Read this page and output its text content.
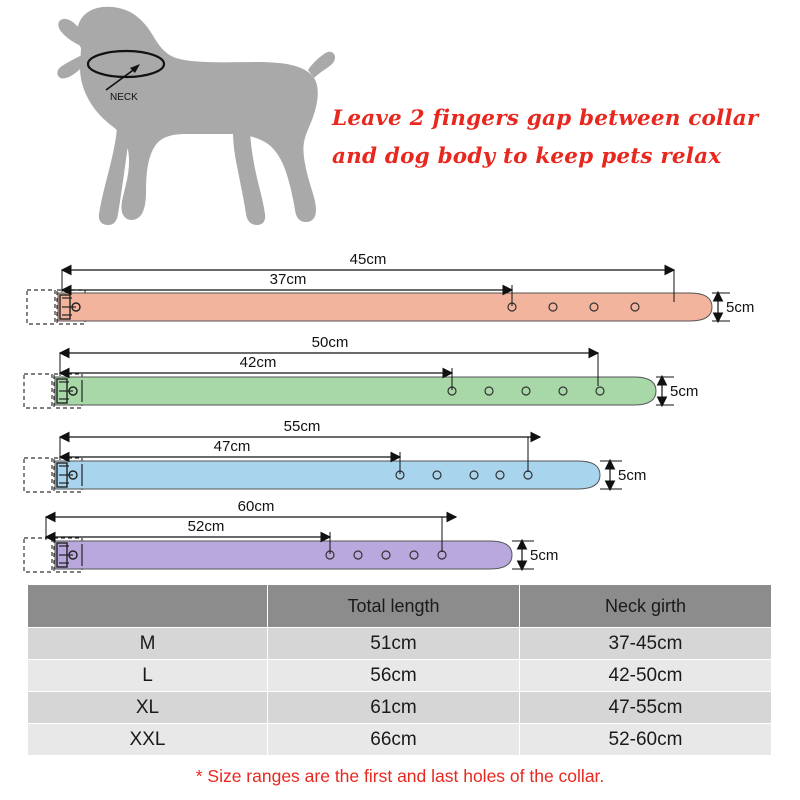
NECK
Leave 2 fingers gap between collar
and dog body to keep pets relax
45cm
37cm
5cm
50cm
42cm
5cm
55cm
47cm
5cm
60cm
52cm
5cm
	Total length	Neck girth
M	51cm	37-45cm
L	56cm	42-50cm
XL	61cm	47-55cm
XXL	66cm	52-60cm
* Size ranges are the first and last holes of the collar.
